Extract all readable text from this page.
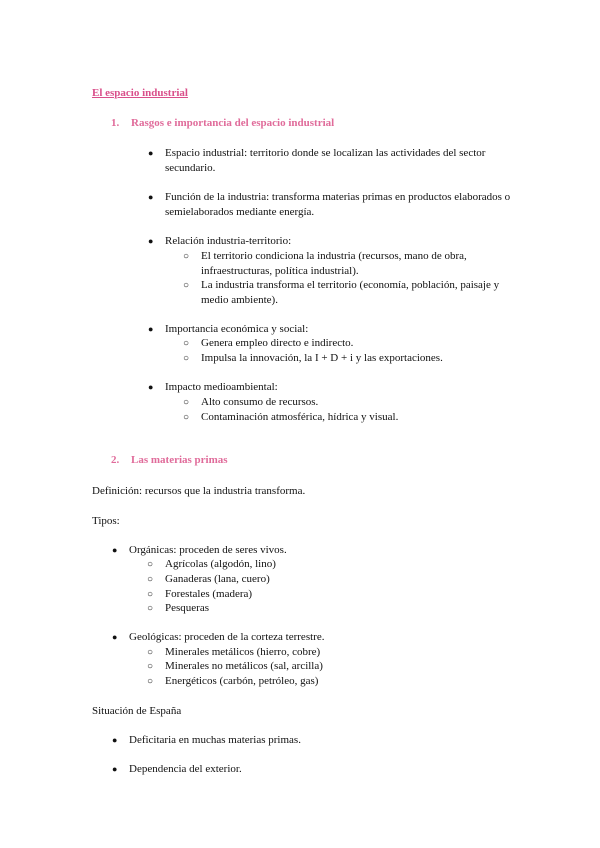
El espacio industrial
1. Rasgos e importancia del espacio industrial

● Espacio industrial: territorio donde se localizan las actividades del sector secundario.

● Función de la industria: transforma materias primas en productos elaborados o semielaborados mediante energía.

● Relación industria-territorio:

○ El territorio condiciona la industria (recursos, mano de obra, infraestructuras, política industrial).

○ La industria transforma el territorio (economía, población, paisaje y medio ambiente).

● Importancia económica y social:

○ Genera empleo directo e indirecto.

○ Impulsa la innovación, la I + D + i y las exportaciones.

● Impacto medioambiental:

○ Alto consumo de recursos.

○ Contaminación atmosférica, hídrica y visual.

2. Las materias primas

Definición: recursos que la industria transforma.

Tipos:

● Orgánicas: proceden de seres vivos.

○ Agrícolas (algodón, lino)

○ Ganaderas (lana, cuero)

○ Forestales (madera)

○ Pesqueras

● Geológicas: proceden de la corteza terrestre.

○ Minerales metálicos (hierro, cobre)

○ Minerales no metálicos (sal, arcilla)

○ Energéticos (carbón, petróleo, gas)

Situación de España

● Deficitaria en muchas materias primas.

● Dependencia del exterior.
